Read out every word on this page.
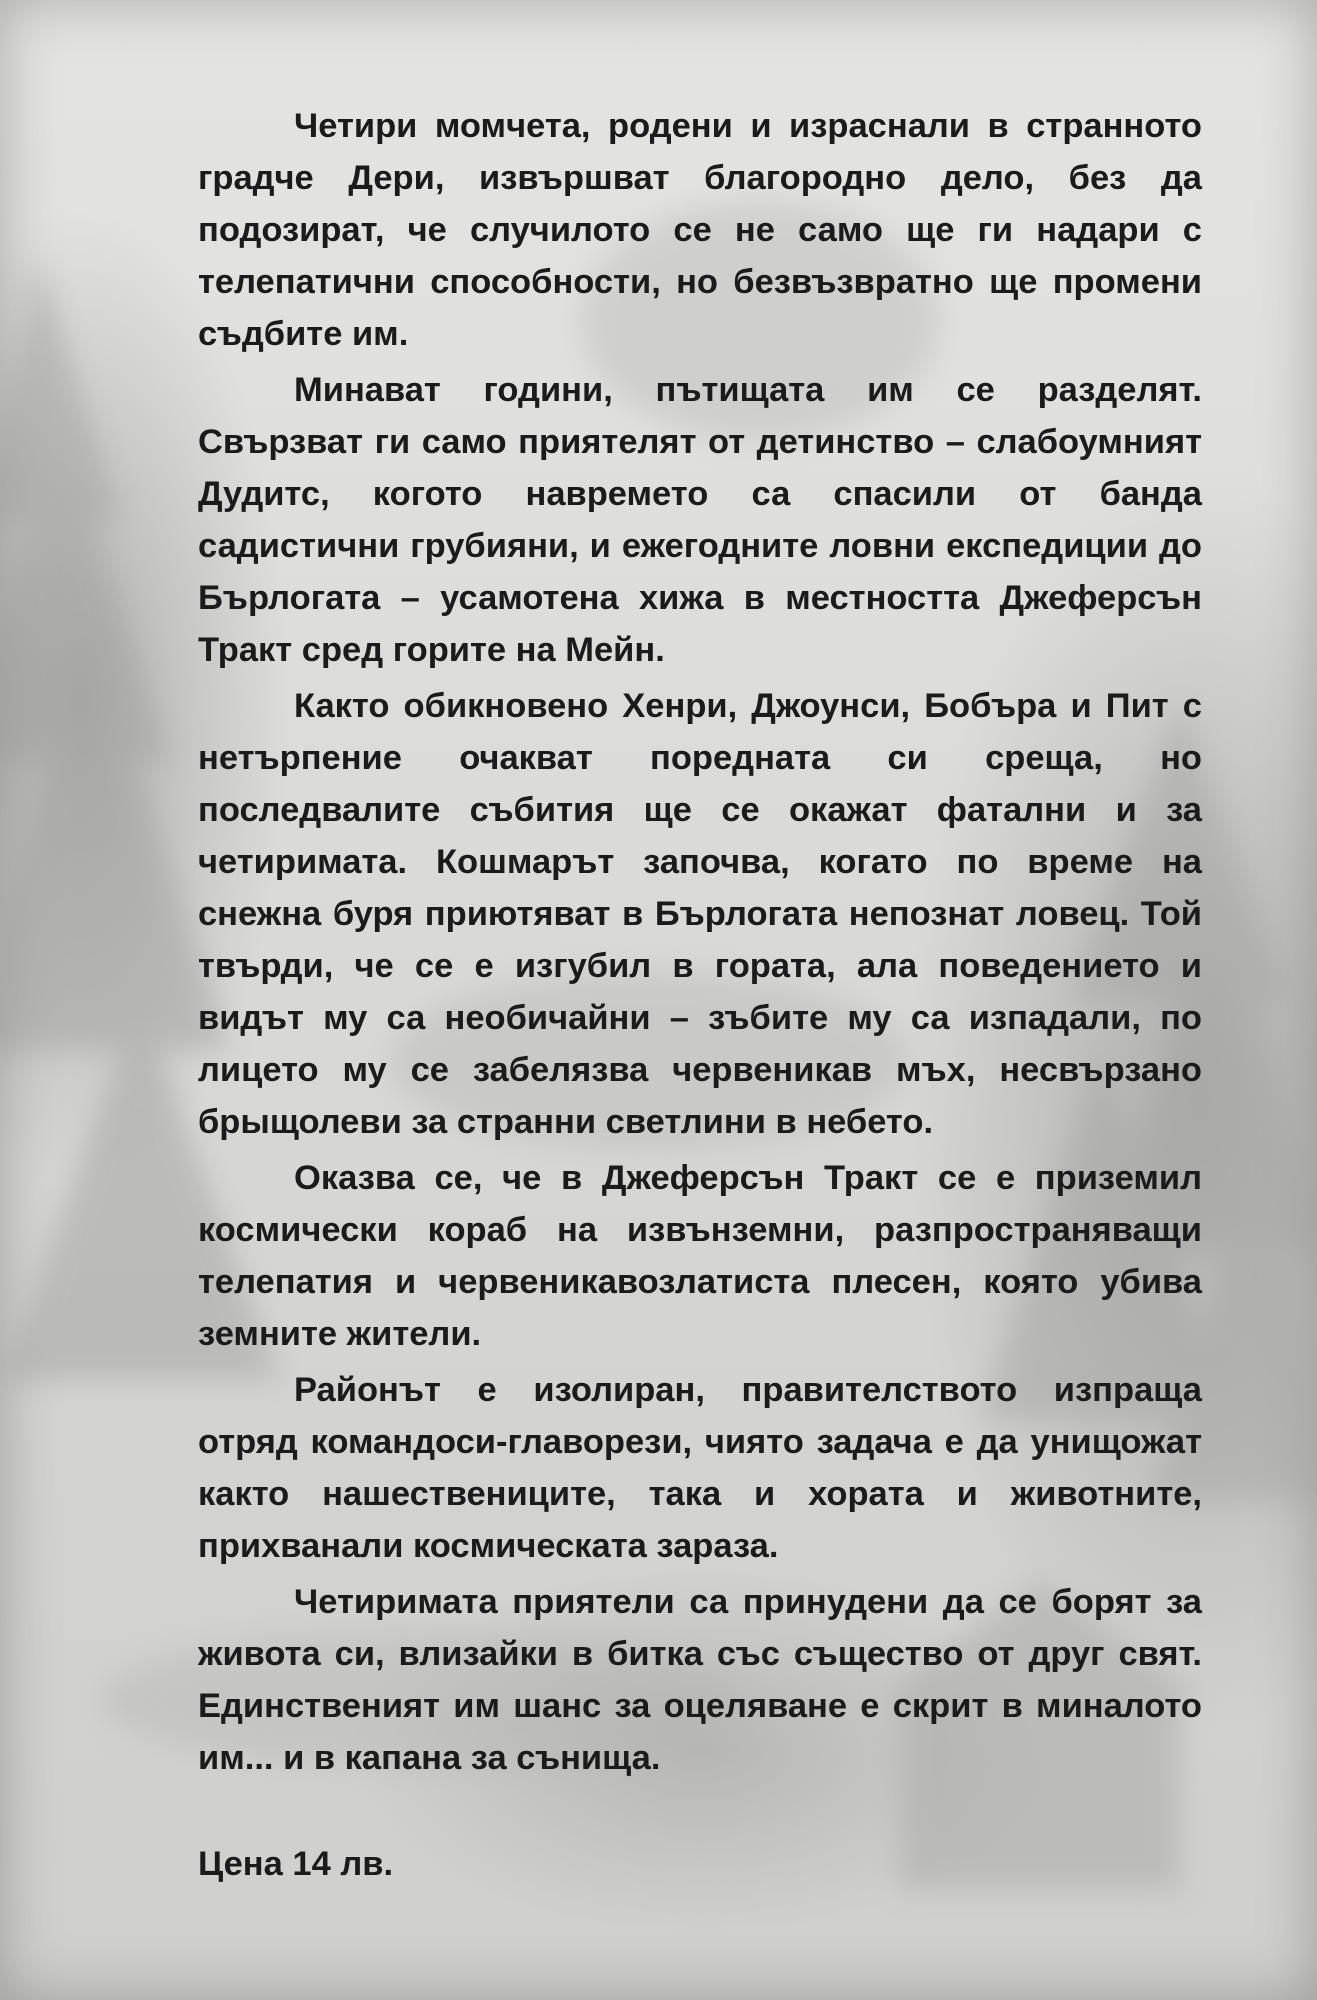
Четири момчета, родени и израснали в странното градче Дери, извършват благородно дело, без да подозират, че случилото се не само ще ги надари с телепатични способности, но безвъзвратно ще промени съдбите им.

Минават години, пътищата им се разделят. Свързват ги само приятелят от детинство – слабоумният Дудитс, когото навремето са спасили от банда садистични грубияни, и ежегодните ловни експедиции до Бърлогата – усамотена хижа в местността Джеферсън Тракт сред горите на Мейн.

Както обикновено Хенри, Джоунси, Бобъра и Пит с нетърпение очакват поредната си среща, но последвалите събития ще се окажат фатални и за четиримата. Кошмарът започва, когато по време на снежна буря приютяват в Бърлогата непознат ловец. Той твърди, че се е изгубил в гората, ала поведението и видът му са необичайни – зъбите му са изпадали, по лицето му се забелязва червеникав мъх, несвързано брыщолеви за странни светлини в небето.

Оказва се, че в Джеферсън Тракт се е приземил космически кораб на извънземни, разпространяващи телепатия и червеникавозлатиста плесен, която убива земните жители.

Районът е изолиран, правителството изпраща отряд командоси-главорези, чиято задача е да унищожат както нашествениците, така и хората и животните, прихванали космическата зараза.

Четиримата приятели са принудени да се борят за живота си, влизайки в битка със същество от друг свят. Единственият им шанс за оцеляване е скрит в миналото им... и в капана за сънища.

Цена 14 лв.
